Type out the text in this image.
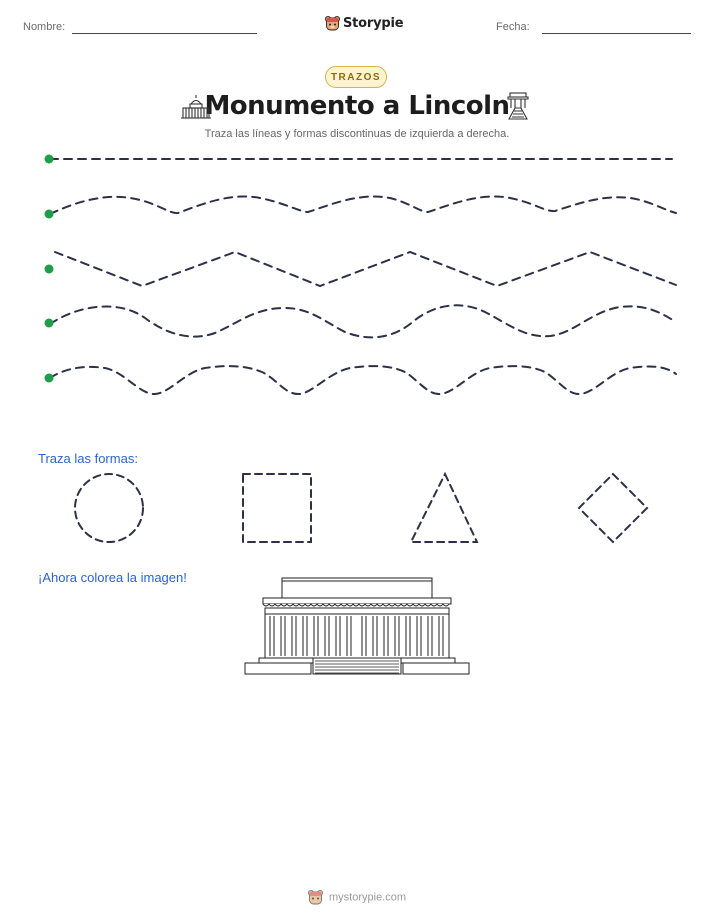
Nombre:	Storypie	Fecha:
TRAZOS
Monumento a Lincoln
Traza las líneas y formas discontinuas de izquierda a derecha.
Traza las formas:
¡Ahora colorea la imagen!
mystorypie.com
